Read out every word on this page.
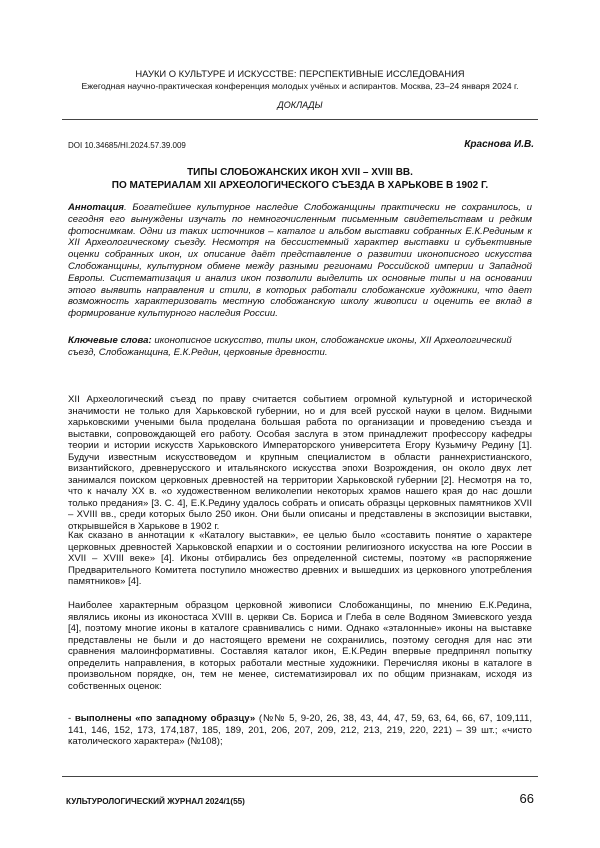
НАУКИ О КУЛЬТУРЕ И ИСКУССТВЕ: ПЕРСПЕКТИВНЫЕ ИССЛЕДОВАНИЯ
Ежегодная научно-практическая конференция молодых учёных и аспирантов. Москва, 23–24 января 2024 г.
ДОКЛАДЫ
DOI 10.34685/HI.2024.57.39.009	Краснова И.В.
ТИПЫ СЛОБОЖАНСКИХ ИКОН XVII – XVIII ВВ.
ПО МАТЕРИАЛАМ XII АРХЕОЛОГИЧЕСКОГО СЪЕЗДА В ХАРЬКОВЕ В 1902 Г.
Аннотация. Богатейшее культурное наследие Слобожанщины практически не сохранилось, и сегодня его вынуждены изучать по немногочисленным письменным свидетельствам и редким фотоснимкам. Одни из таких источников – каталог и альбом выставки собранных Е.К.Рединым к XII Археологическому съезду. Несмотря на бессистемный характер выставки и субъективные оценки собранных икон, их описание даёт представление о развитии иконописного искусства Слобожанщины, культурном обмене между разными регионами Российской империи и Западной Европы. Систематизация и анализ икон позволили выделить их основные типы и на основании этого выявить направления и стили, в которых работали слобожанские художники, что дает возможность характеризовать местную слобожанскую школу живописи и оценить ее вклад в формирование культурного наследия России.
Ключевые слова: иконописное искусство, типы икон, слобожанские иконы, XII Археологический съезд, Слобожанщина, Е.К.Редин, церковные древности.

XII Археологический съезд по праву считается событием огромной культурной и исторической значимости не только для Харьковской губернии, но и для всей русской науки в целом. Видными харьковскими учеными была проделана большая работа по организации и проведению съезда и выставки, сопровождающей его работу. Особая заслуга в этом принадлежит профессору кафедры теории и истории искусств Харьковского Императорского университета Егору Кузьмичу Редину [1]. Будучи известным искусствоведом и крупным специалистом в области раннехристианского, византийского, древнерусского и итальянского искусства эпохи Возрождения, он около двух лет занимался поиском церковных древностей на территории Харьковской губернии [2]. Несмотря на то, что к началу XX в. «о художественном великолепии некоторых храмов нашего края до нас дошли только предания» [3. С. 4], Е.К.Редину удалось собрать и описать образцы церковных памятников XVII – XVIII вв., среди которых было 250 икон. Они были описаны и представлены в экспозиции выставки, открывшейся в Харькове в 1902 г.

Как сказано в аннотации к «Каталогу выставки», ее целью было «составить понятие о характере церковных древностей Харьковской епархии и о состоянии религиозного искусства на юге России в XVII – XVIII веке» [4]. Иконы отбирались без определенной системы, поэтому «в распоряжение Предварительного Комитета поступило множество древних и вышедших из церковного употребления памятников» [4].

Наиболее характерным образцом церковной живописи Слобожанщины, по мнению Е.К.Редина, являлись иконы из иконостаса XVIII в. церкви Св. Бориса и Глеба в селе Водяном Змиевского уезда [4], поэтому многие иконы в каталоге сравнивались с ними. Однако «эталонные» иконы на выставке представлены не были и до настоящего времени не сохранились, поэтому сегодня для нас эти сравнения малоинформативны. Составляя каталог икон, Е.К.Редин впервые предпринял попытку определить направления, в которых работали местные художники. Перечисляя иконы в каталоге в произвольном порядке, он, тем не менее, систематизировал их по общим признакам, исходя из собственных оценок:

- выполнены «по западному образцу» (№№ 5, 9-20, 26, 38, 43, 44, 47, 59, 63, 64, 66, 67, 109,111, 141, 146, 152, 173, 174,187, 185, 189, 201, 206, 207, 209, 212, 213, 219, 220, 221) – 39 шт.; «чисто католического характера» (№108);

КУЛЬТУРОЛОГИЧЕСКИЙ ЖУРНАЛ 2024/1(55)	66
